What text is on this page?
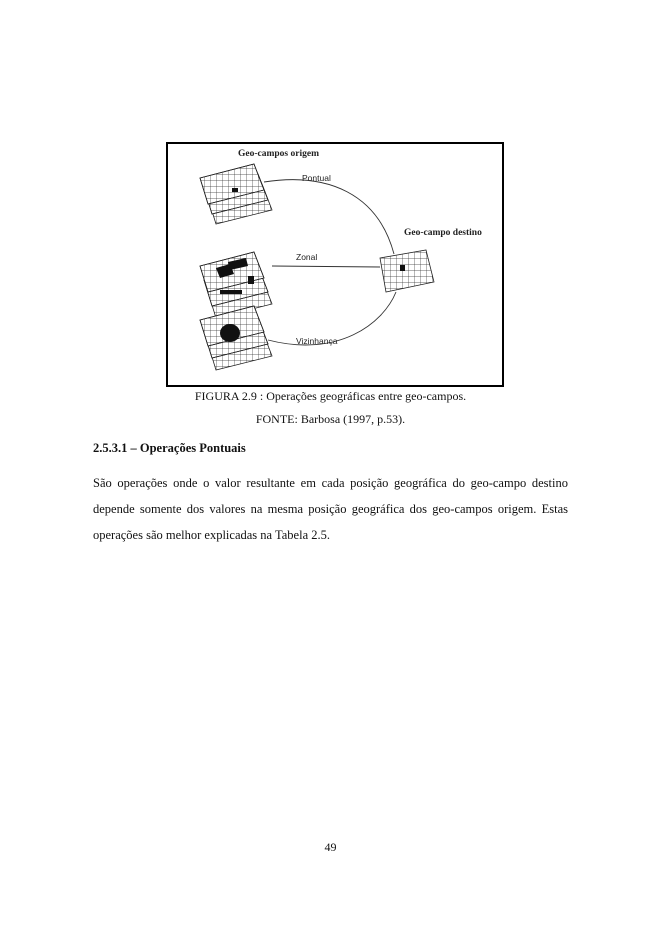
Geo-campos origem
Geo-campo destino
Pontual
Zonal
Vizinhança
FIGURA 2.9 : Operações geográficas entre geo-campos.
FONTE: Barbosa (1997, p.53).
2.5.3.1 – Operações Pontuais
São operações onde o valor resultante em cada posição geográfica do geo-campo destino depende somente dos valores na mesma posição geográfica dos geo-campos origem. Estas operações são melhor explicadas na Tabela 2.5.
49
